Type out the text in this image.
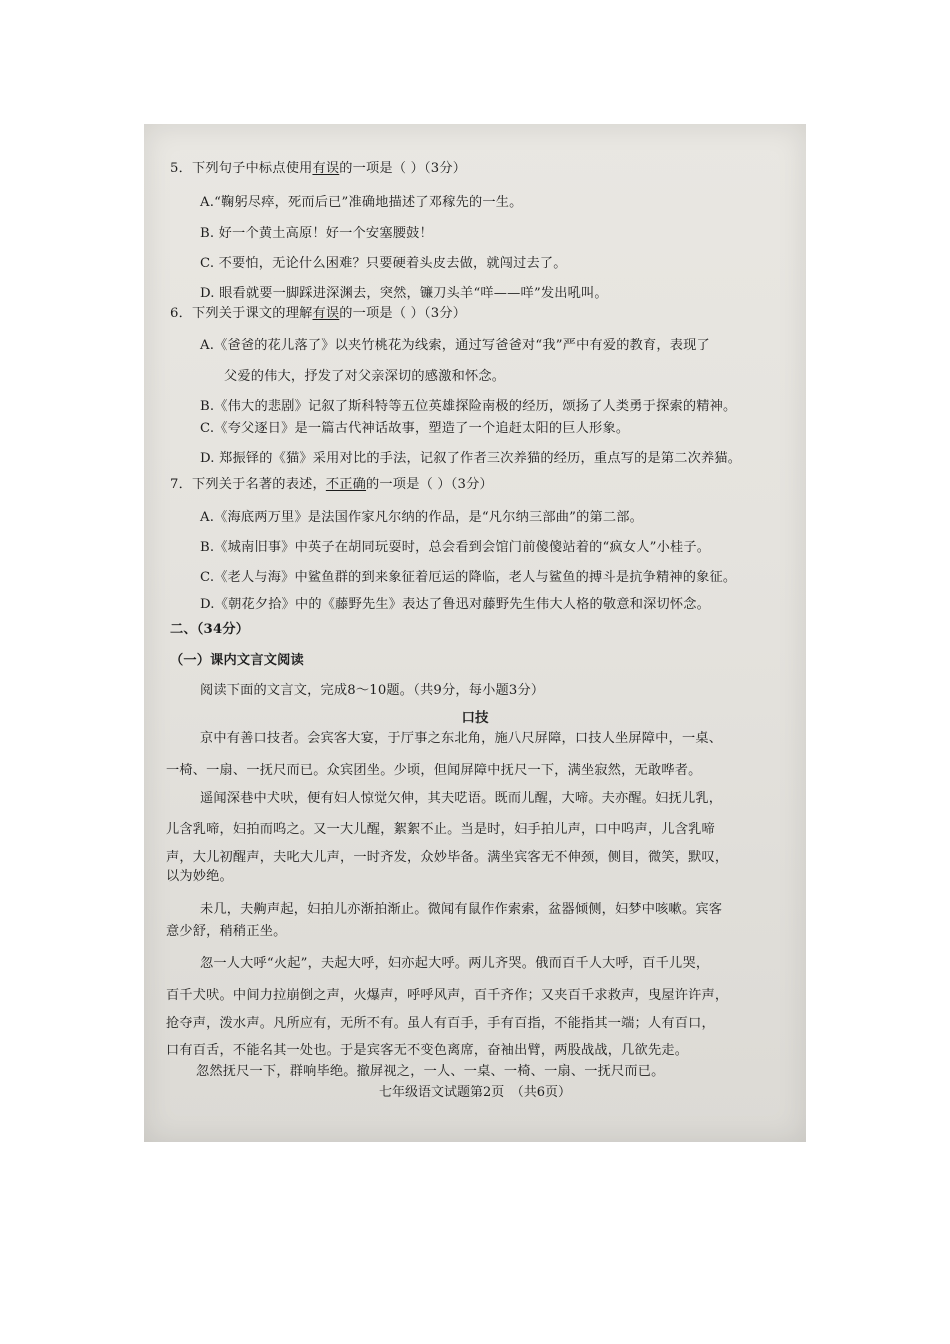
5．下列句子中标点使用有误的一项是（ ）（3分）
A.“鞠躬尽瘁，死而后已”准确地描述了邓稼先的一生。
B. 好一个黄土高原！好一个安塞腰鼓！
C. 不要怕，无论什么困难？只要硬着头皮去做，就闯过去了。
D. 眼看就要一脚踩进深渊去，突然，镰刀头羊“咩——咩”发出吼叫。
6．下列关于课文的理解有误的一项是（ ）（3分）
A.《爸爸的花儿落了》以夹竹桃花为线索，通过写爸爸对“我”严中有爱的教育，表现了
父爱的伟大，抒发了对父亲深切的感激和怀念。
B.《伟大的悲剧》记叙了斯科特等五位英雄探险南极的经历，颂扬了人类勇于探索的精神。
C.《夸父逐日》是一篇古代神话故事，塑造了一个追赶太阳的巨人形象。
D. 郑振铎的《猫》采用对比的手法，记叙了作者三次养猫的经历，重点写的是第二次养猫。
7．下列关于名著的表述，不正确的一项是（ ）（3分）
A.《海底两万里》是法国作家凡尔纳的作品，是“凡尔纳三部曲”的第二部。
B.《城南旧事》中英子在胡同玩耍时，总会看到会馆门前傻傻站着的“疯女人”小桂子。
C.《老人与海》中鲨鱼群的到来象征着厄运的降临，老人与鲨鱼的搏斗是抗争精神的象征。
D.《朝花夕拾》中的《藤野先生》表达了鲁迅对藤野先生伟大人格的敬意和深切怀念。
二、（34分）
（一）课内文言文阅读
阅读下面的文言文，完成8～10题。（共9分，每小题3分）
口技
京中有善口技者。会宾客大宴，于厅事之东北角，施八尺屏障，口技人坐屏障中，一桌、
一椅、一扇、一抚尺而已。众宾团坐。少顷，但闻屏障中抚尺一下，满坐寂然，无敢哗者。
遥闻深巷中犬吠，便有妇人惊觉欠伸，其夫呓语。既而儿醒，大啼。夫亦醒。妇抚儿乳，
儿含乳啼，妇拍而呜之。又一大儿醒，絮絮不止。当是时，妇手拍儿声，口中呜声，儿含乳啼
声，大儿初醒声，夫叱大儿声，一时齐发，众妙毕备。满坐宾客无不伸颈，侧目，微笑，默叹，
以为妙绝。
未几，夫齁声起，妇拍儿亦渐拍渐止。微闻有鼠作作索索，盆器倾侧，妇梦中咳嗽。宾客
意少舒，稍稍正坐。
忽一人大呼“火起”，夫起大呼，妇亦起大呼。两儿齐哭。俄而百千人大呼，百千儿哭，
百千犬吠。中间力拉崩倒之声，火爆声，呼呼风声，百千齐作；又夹百千求救声，曳屋许许声，
抢夺声，泼水声。凡所应有，无所不有。虽人有百手，手有百指，不能指其一端；人有百口，
口有百舌，不能名其一处也。于是宾客无不变色离席，奋袖出臂，两股战战，几欲先走。
忽然抚尺一下，群响毕绝。撤屏视之，一人、一桌、一椅、一扇、一抚尺而已。
七年级语文试题第2页　（共6页）
